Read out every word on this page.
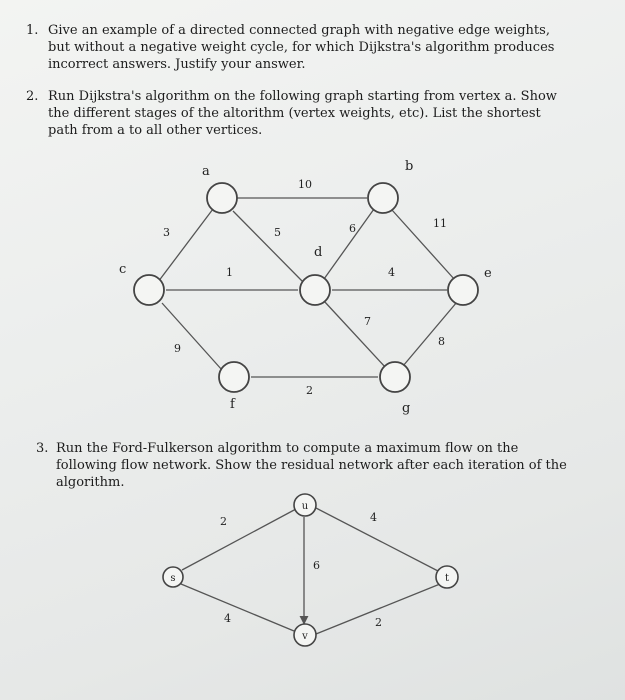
1. Give an example of a directed connected graph with negative edge weights, but without a negative weight cycle, for which Dijkstra's algorithm produces incorrect answers. Justify your answer.
2. Run Dijkstra's algorithm on the following graph starting from vertex a. Show the different stages of the altorithm (vertex weights, etc). List the shortest path from a to all other vertices.
a	b
c
d
e
f	g
10
3	5
1
9
6	11
4
7
8
2
3. Run the Ford-Fulkerson algorithm to compute a maximum flow on the following flow network. Show the residual network after each iteration of the algorithm.
s
u
v
t
2
4
6
4
2
